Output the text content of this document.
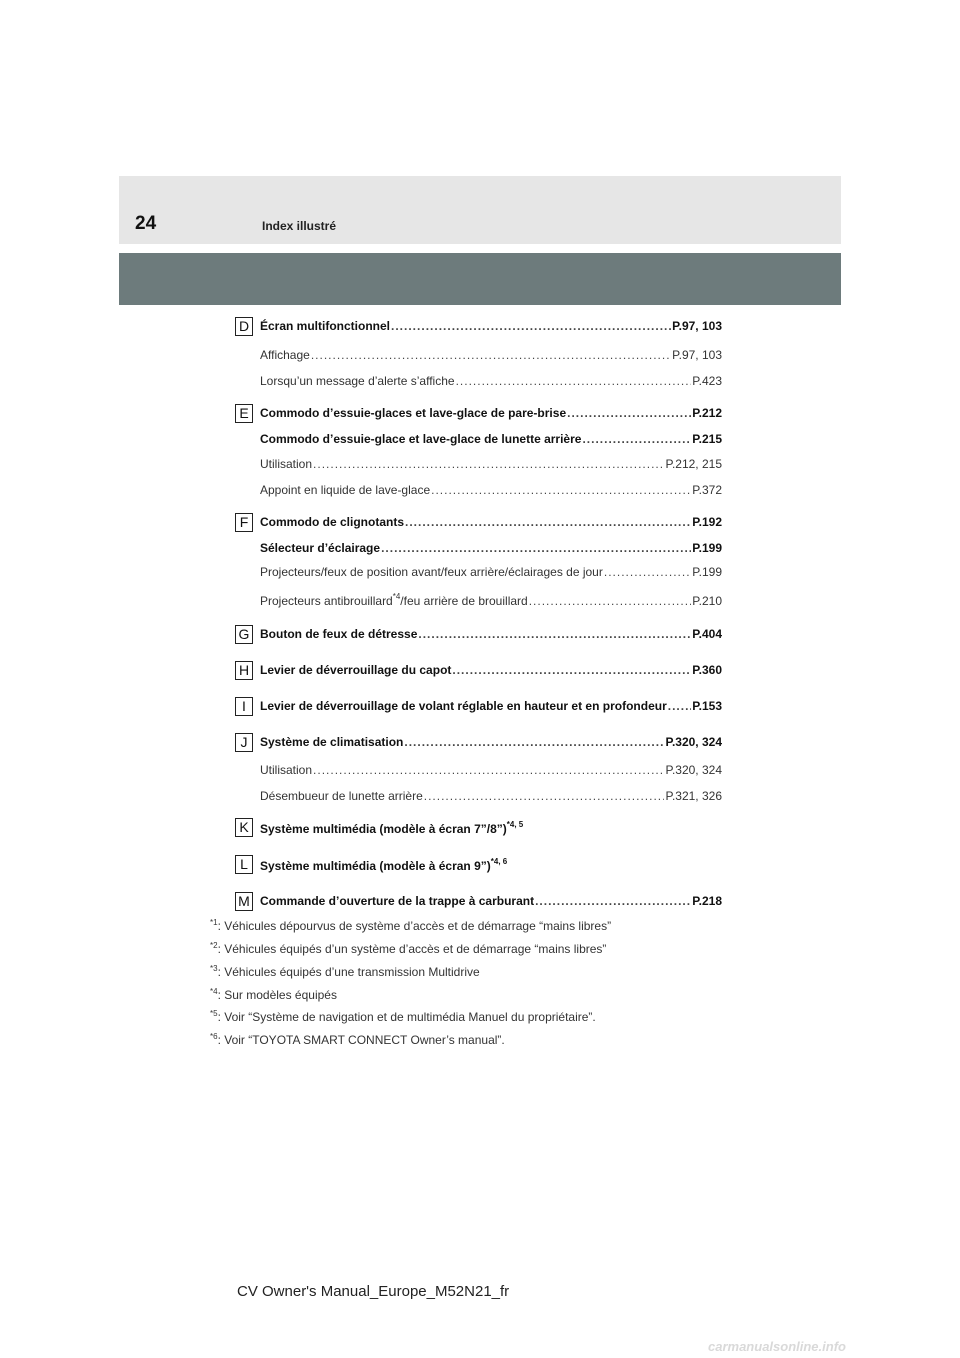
24	Index illustré
D Écran multifonctionnel .....	P.97, 103
Affichage .....	P.97, 103
Lorsqu’un message d’alerte s’affiche .....	P.423
E Commodo d’essuie-glaces et lave-glace de pare-brise .....	P.212
Commodo d’essuie-glace et lave-glace de lunette arrière .....	P.215
Utilisation .....	P.212, 215
Appoint en liquide de lave-glace .....	P.372
F Commodo de clignotants .....	P.192
Sélecteur d’éclairage .....	P.199
Projecteurs/feux de position avant/feux arrière/éclairages de jour .....	P.199
Projecteurs antibrouillard$^{*4}$/feu arrière de brouillard .....	P.210
G Bouton de feux de détresse .....	P.404
H Levier de déverrouillage du capot .....	P.360
I	Levier de déverrouillage de volant réglable en hauteur et en profondeur ..... P.153
J	Système de climatisation .....	P.320, 324
Utilisation .....	P.320, 324
Désembueur de lunette arrière .....	P.321, 326
K Système multimédia (modèle à écran 7”/8”)$^{*4, 5}$
L	Système multimédia (modèle à écran 9”)$^{*4, 6}$
M Commande d’ouverture de la trappe à carburant .....	P.218
$^{*1}$: Véhicules dépourvus de système d’accès et de démarrage “mains libres”
$^{*2}$: Véhicules équipés d’un système d’accès et de démarrage “mains libres”
$^{*3}$: Véhicules équipés d’une transmission Multidrive
$^{*4}$: Sur modèles équipés
$^{*5}$: Voir “Système de navigation et de multimédia Manuel du propriétaire”.
$^{*6}$: Voir “TOYOTA SMART CONNECT Owner’s manual”.
CV Owner's Manual_Europe_M52N21_fr
carmanualsonline.info
